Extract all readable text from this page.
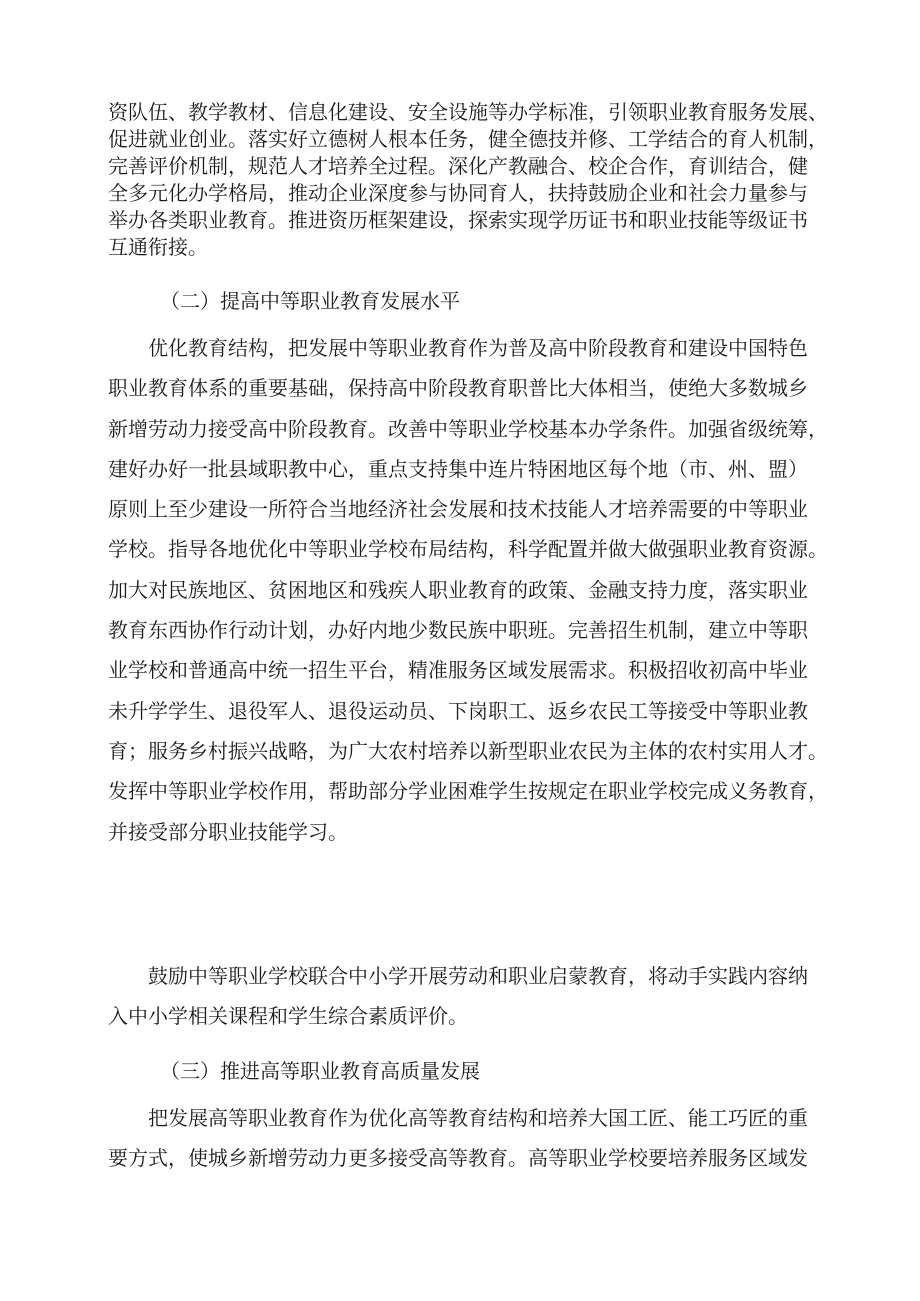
资队伍、教学教材、信息化建设、安全设施等办学标准，引领职业教育服务发展、
促进就业创业。落实好立德树人根本任务，健全德技并修、工学结合的育人机制，
完善评价机制，规范人才培养全过程。深化产教融合、校企合作，育训结合，健
全多元化办学格局，推动企业深度参与协同育人，扶持鼓励企业和社会力量参与
举办各类职业教育。推进资历框架建设，探索实现学历证书和职业技能等级证书
互通衔接。
（二）提高中等职业教育发展水平
优化教育结构，把发展中等职业教育作为普及高中阶段教育和建设中国特色
职业教育体系的重要基础，保持高中阶段教育职普比大体相当，使绝大多数城乡
新增劳动力接受高中阶段教育。改善中等职业学校基本办学条件。加强省级统筹，
建好办好一批县域职教中心，重点支持集中连片特困地区每个地（市、州、盟）
原则上至少建设一所符合当地经济社会发展和技术技能人才培养需要的中等职业
学校。指导各地优化中等职业学校布局结构，科学配置并做大做强职业教育资源。
加大对民族地区、贫困地区和残疾人职业教育的政策、金融支持力度，落实职业
教育东西协作行动计划，办好内地少数民族中职班。完善招生机制，建立中等职
业学校和普通高中统一招生平台，精准服务区域发展需求。积极招收初高中毕业
未升学学生、退役军人、退役运动员、下岗职工、返乡农民工等接受中等职业教
育；服务乡村振兴战略，为广大农村培养以新型职业农民为主体的农村实用人才。
发挥中等职业学校作用，帮助部分学业困难学生按规定在职业学校完成义务教育，
并接受部分职业技能学习。
鼓励中等职业学校联合中小学开展劳动和职业启蒙教育，将动手实践内容纳
入中小学相关课程和学生综合素质评价。
（三）推进高等职业教育高质量发展
把发展高等职业教育作为优化高等教育结构和培养大国工匠、能工巧匠的重
要方式，使城乡新增劳动力更多接受高等教育。高等职业学校要培养服务区域发
